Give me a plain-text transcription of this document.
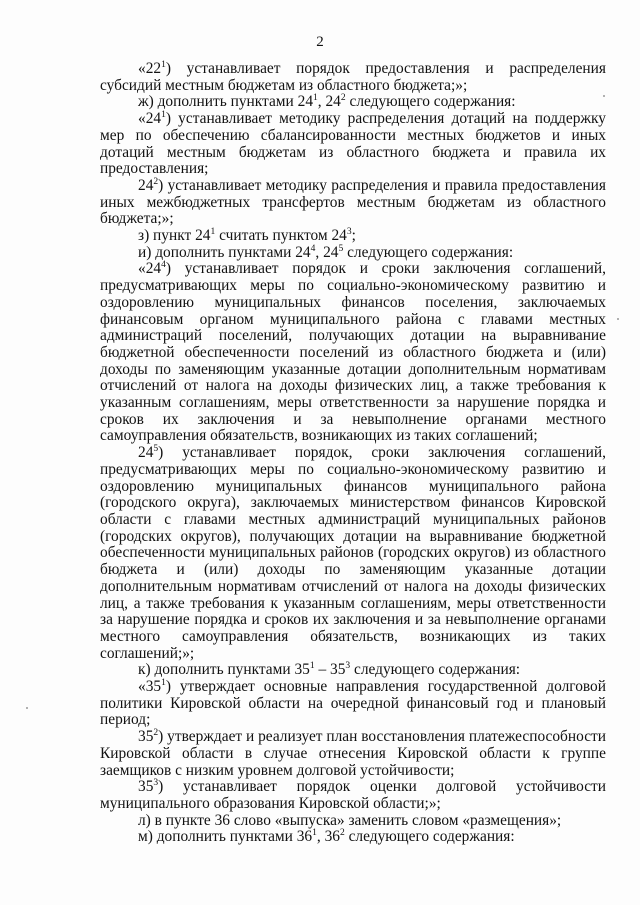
2

«$22^1$) устанавливает порядок предоставления и распределения субсидий местным бюджетам из областного бюджета;»;

ж) дополнить пунктами $24^1$, $24^2$ следующего содержания:

«$24^1$) устанавливает методику распределения дотаций на поддержку мер по обеспечению сбалансированности местных бюджетов и иных дотаций местным бюджетам из областного бюджета и правила их предоставления;

$24^2$) устанавливает методику распределения и правила предоставления иных межбюджетных трансфертов местным бюджетам из областного бюджета;»;

з) пункт $24^1$ считать пунктом $24^3$;

и) дополнить пунктами $24^4$, $24^5$ следующего содержания:

«$24^4$) устанавливает порядок и сроки заключения соглашений, предусматривающих меры по социально-экономическому развитию и оздоровлению муниципальных финансов поселения, заключаемых финансовым органом муниципального района с главами местных администраций поселений, получающих дотации на выравнивание бюджетной обеспеченности поселений из областного бюджета и (или) доходы по заменяющим указанные дотации дополнительным нормативам отчислений от налога на доходы физических лиц, а также требования к указанным соглашениям, меры ответственности за нарушение порядка и сроков их заключения и за невыполнение органами местного самоуправления обязательств, возникающих из таких соглашений;

$24^5$) устанавливает порядок, сроки заключения соглашений, предусматривающих меры по социально-экономическому развитию и оздоровлению муниципальных финансов муниципального района (городского округа), заключаемых министерством финансов Кировской области с главами местных администраций муниципальных районов (городских округов), получающих дотации на выравнивание бюджетной обеспеченности муниципальных районов (городских округов) из областного бюджета и (или) доходы по заменяющим указанные дотации дополнительным нормативам отчислений от налога на доходы физических лиц, а также требования к указанным соглашениям, меры ответственности за нарушение порядка и сроков их заключения и за невыполнение органами местного самоуправления обязательств, возникающих из таких соглашений;»;

к) дополнить пунктами $35^1 - 35^3$ следующего содержания:

«$35^1$) утверждает основные направления государственной долговой политики Кировской области на очередной финансовый год и плановый период;

$35^2$) утверждает и реализует план восстановления платежеспособности Кировской области в случае отнесения Кировской области к группе заемщиков с низким уровнем долговой устойчивости;

$35^3$) устанавливает порядок оценки долговой устойчивости муниципального образования Кировской области;»;

л) в пункте 36 слово «выпуска» заменить словом «размещения»;

м) дополнить пунктами $36^1$, $36^2$ следующего содержания:
